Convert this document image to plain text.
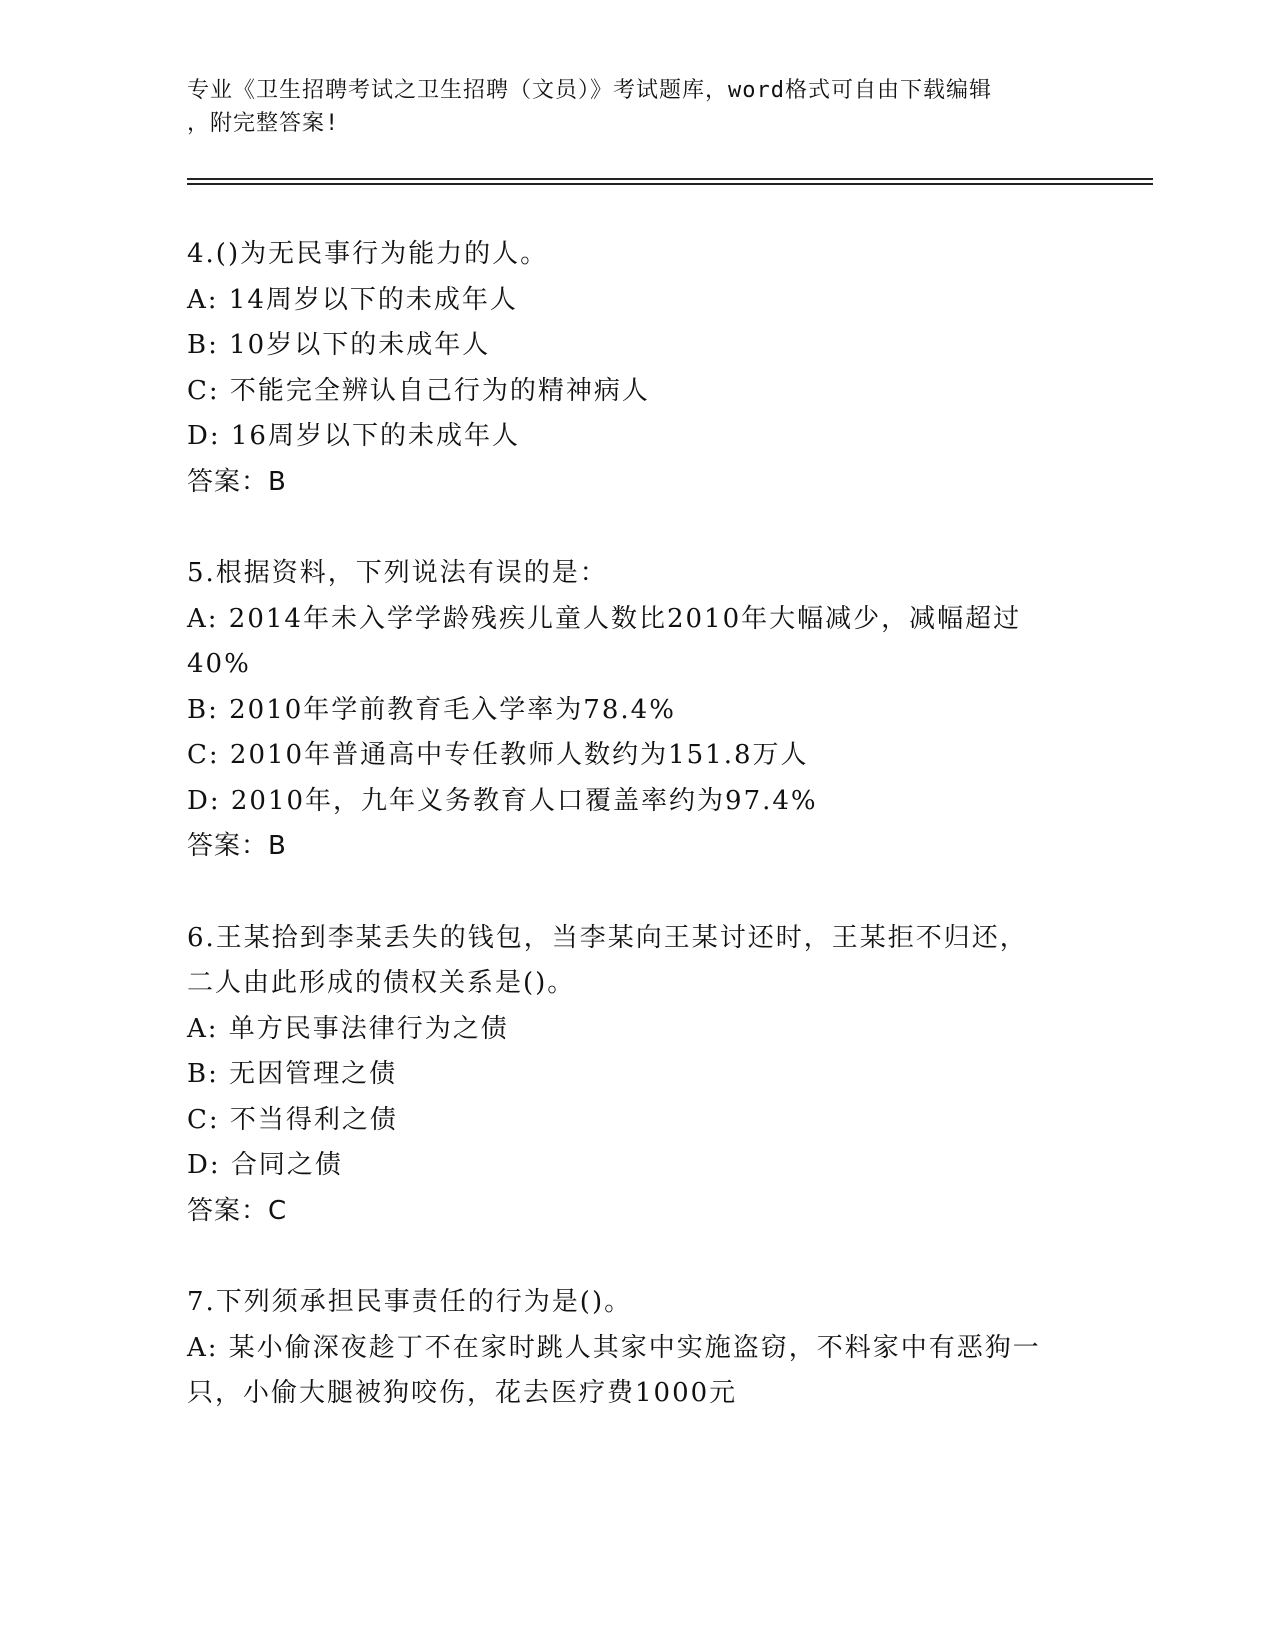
专业《卫生招聘考试之卫生招聘（文员）》考试题库，word格式可自由下载编辑
，附完整答案!
4.()为无民事行为能力的人。
A: 14周岁以下的未成年人
B: 10岁以下的未成年人
C: 不能完全辨认自己行为的精神病人
D: 16周岁以下的未成年人
答案：B
5.根据资料，下列说法有误的是：
A: 2014年未入学学龄残疾儿童人数比2010年大幅减少，减幅超过
40%
B: 2010年学前教育毛入学率为78.4%
C: 2010年普通高中专任教师人数约为151.8万人
D: 2010年，九年义务教育人口覆盖率约为97.4%
答案：B
6.王某拾到李某丢失的钱包，当李某向王某讨还时，王某拒不归还，
二人由此形成的债权关系是()。
A: 单方民事法律行为之债
B: 无因管理之债
C: 不当得利之债
D: 合同之债
答案：C
7.下列须承担民事责任的行为是()。
A: 某小偷深夜趁丁不在家时跳人其家中实施盗窃，不料家中有恶狗一
只，小偷大腿被狗咬伤，花去医疗费1000元
